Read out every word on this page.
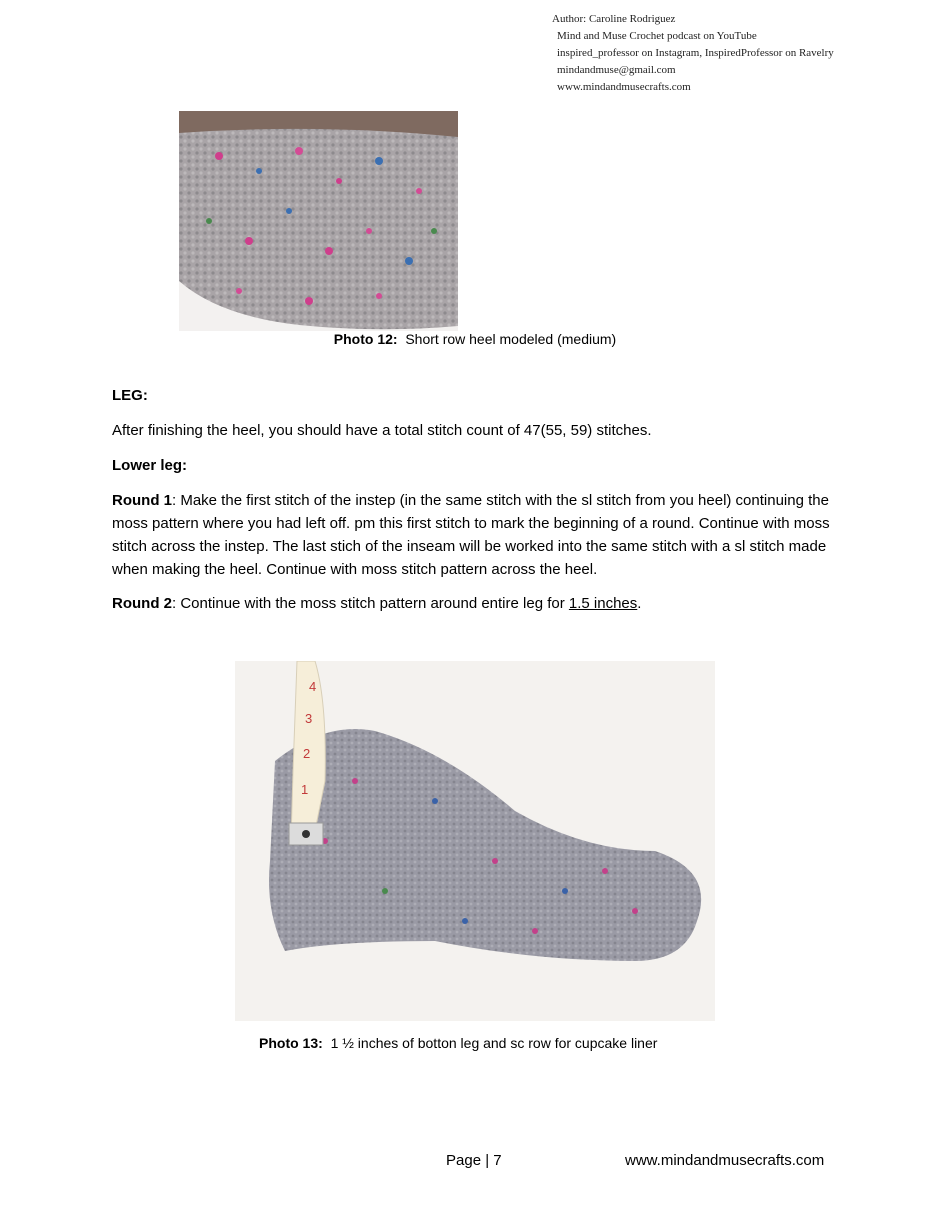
Author: Caroline Rodriguez
Mind and Muse Crochet podcast on YouTube
inspired_professor on Instagram, InspiredProfessor on Ravelry
mindandmuse@gmail.com
www.mindandmusecrafts.com
Photo 12: Short row heel modeled (medium)
LEG:
After finishing the heel, you should have a total stitch count of 47(55, 59) stitches.
Lower leg:
Round 1: Make the first stitch of the instep (in the same stitch with the sl stitch from you heel) continuing the moss pattern where you had left off. pm this first stitch to mark the beginning of a round. Continue with moss stitch across the instep. The last stich of the inseam will be worked into the same stitch with a sl stitch made when making the heel. Continue with moss stitch pattern across the heel.
Round 2: Continue with the moss stitch pattern around entire leg for 1.5 inches.
4
3
2
1
Photo 13: 1 ½ inches of botton leg and sc row for cupcake liner
Page | 7	www.mindandmusecrafts.com
